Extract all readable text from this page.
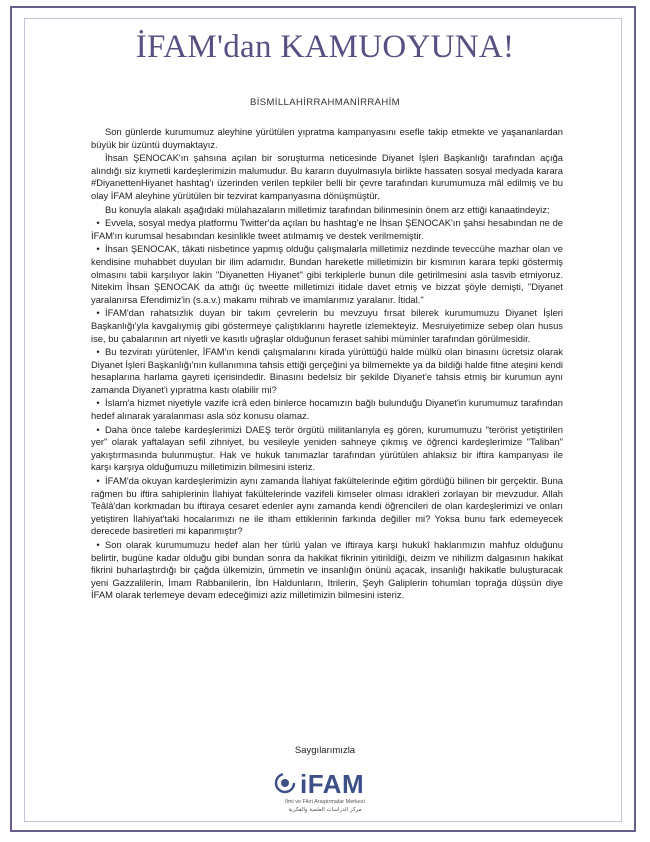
İFAM'dan KAMUOYUNA!
BİSMİLLAHİRRAHMANİRRAHİM

Son günlerde kurumumuz aleyhine yürütülen yıpratma kampanyasını esefle takip etmekte ve yaşananlardan büyük bir üzüntü duymaktayız.

İhsan ŞENOCAK'ın şahsına açılan bir soruşturma neticesinde Diyanet İşleri Başkanlığı tarafından açığa alındığı siz kıymetli kardeşlerimizin malumudur. Bu kararın duyulmasıyla birlikte hassaten sosyal medyada karara #DiyanettenHiyanet hashtag'ı üzerinden verilen tepkiler belli bir çevre tarafından kurumumuza mâl edilmiş ve bu olay İFAM aleyhine yürütülen bir tezvirat kampanyasına dönüşmüştür.

Bu konuyla alakalı aşağıdaki mülahazaların milletimiz tarafından bilinmesinin önem arz ettiği kanaatindeyiz;

• Evvela, sosyal medya platformu Twitter'da açılan bu hashtag'e ne İhsan ŞENOCAK'ın şahsi hesabından ne de İFAM'ın kurumsal hesabından kesinlikle tweet atılmamış ve destek verilmemiştir.

• İhsan ŞENOCAK, tâkati nisbetince yapmış olduğu çalışmalarla milletimiz nezdinde teveccühe mazhar olan ve kendisine muhabbet duyulan bir ilim adamıdır. Bundan hareketle milletimizin bir kısmının karara tepki göstermiş olmasını tabii karşılıyor lakin "Diyanetten Hiyanet" gibi terkiplerle bunun dile getirilmesini asla tasvib etmiyoruz. Nitekim İhsan ŞENOCAK da attığı üç tweette milletimizi itidale davet etmiş ve bizzat şöyle demişti, "Diyanet yaralanırsa Efendimiz'in (s.a.v.) makamı mihrab ve imamlarımız yaralanır. İtidal."

• İFAM'dan rahatsızlık duyan bir takım çevrelerin bu mevzuyu fırsat bilerek kurumumuzu Diyanet İşleri Başkanlığı'yla kavgalıymış gibi göstermeye çalıştıklarını hayretle izlemekteyiz. Mesruiyetimize sebep olan husus ise, bu çabalarının art niyetli ve kasıtlı uğraşlar olduğunun feraset sahibi müminler tarafından görülmesidir.

• Bu tezviratı yürütenler, İFAM'ın kendi çalışmalarını kirada yürüttüğü halde mülkü olan binasını ücretsiz olarak Diyanet İşleri Başkanlığı'nın kullanımına tahsis ettiği gerçeğini ya bilmemekte ya da bildiği halde fitne ateşini kendi hesaplarına harlama gayreti içerisindedir. Binasını bedelsiz bir şekilde Diyanet'e tahsis etmiş bir kurumun aynı zamanda Diyanet'i yıpratma kastı olabilir mi?

• İslam'a hizmet niyetiyle vazife icrâ eden binlerce hocamızın bağlı bulunduğu Diyanet'in kurumumuz tarafından hedef alınarak yaralanması asla söz konusu olamaz.

• Daha önce talebe kardeşlerimizi DAEŞ terör örgütü militanlarıyla eş gören, kurumumuzu "terörist yetiştirilen yer" olarak yaftalayan sefil zihniyet, bu vesileyle yeniden sahneye çıkmış ve öğrenci kardeşlerimize "Taliban" yakıştırmasında bulunmuştur. Hak ve hukuk tanımazlar tarafından yürütülen ahlaksız bir iftira kampanyası ile karşı karşıya olduğumuzu milletimizin bilmesini isteriz.

• İFAM'da okuyan kardeşlerimizin aynı zamanda İlahiyat fakültelerinde eğitim gördüğü bilinen bir gerçektir. Buna rağmen bu iftira sahiplerinin İlahiyat fakültelerinde vazifeli kimseler olması idrakleri zorlayan bir mevzudur. Allah Teâlâ'dan korkmadan bu iftiraya cesaret edenler aynı zamanda kendi öğrencileri de olan kardeşlerimizi ve onları yetiştiren İlahiyat'taki hocalarımızı ne ile itham ettiklerinin farkında değiller mi? Yoksa bunu fark edemeyecek derecede basiretleri mi kapanmıştır?

• Son olarak kurumumuzu hedef alan her türlü yalan ve iftiraya karşı hukukî haklarımızın mahfuz olduğunu belirtir, bugüne kadar olduğu gibi bundan sonra da hakikat fikrinin yitirildiği, deizm ve nihilizm dalgasının hakikat fikrini buharlaştırdığı bir çağda ülkemizin, ümmetin ve insanlığın önünü açacak, insanlığı hakikatle buluşturacak yeni Gazzalilerin, İmam Rabbanilerin, İbn Haldunların, Itrilerin, Şeyh Galiplerin tohumları toprağa düşsün diye İFAM olarak terlemeye devam edeceğimizi aziz milletimizin bilmesini isteriz.

Saygılarımızla
iFAM
İlmi ve Fikri Araştırmalar Merkezi
مركز الدراسات العلمية والفكرية
